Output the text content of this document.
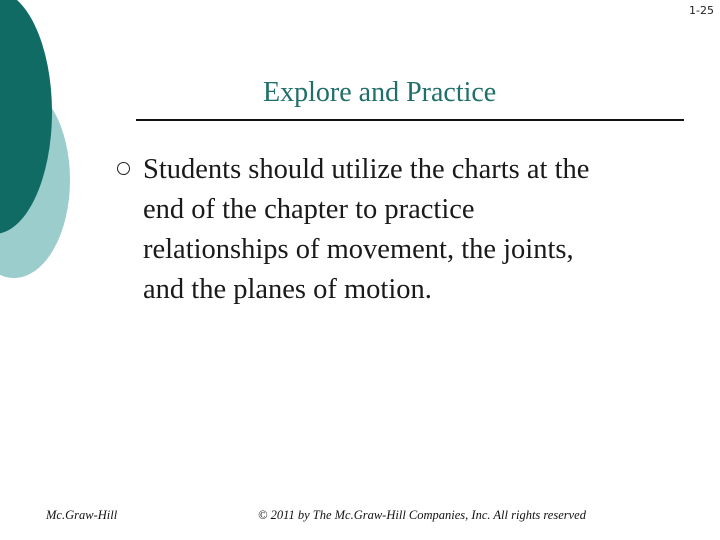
1-25
Explore and Practice

Students should utilize the charts at the
end of the chapter to practice
relationships of movement, the joints,
and the planes of motion.

Mc.Graw-Hill	© 2011 by The Mc.Graw-Hill Companies, Inc. All rights reserved
